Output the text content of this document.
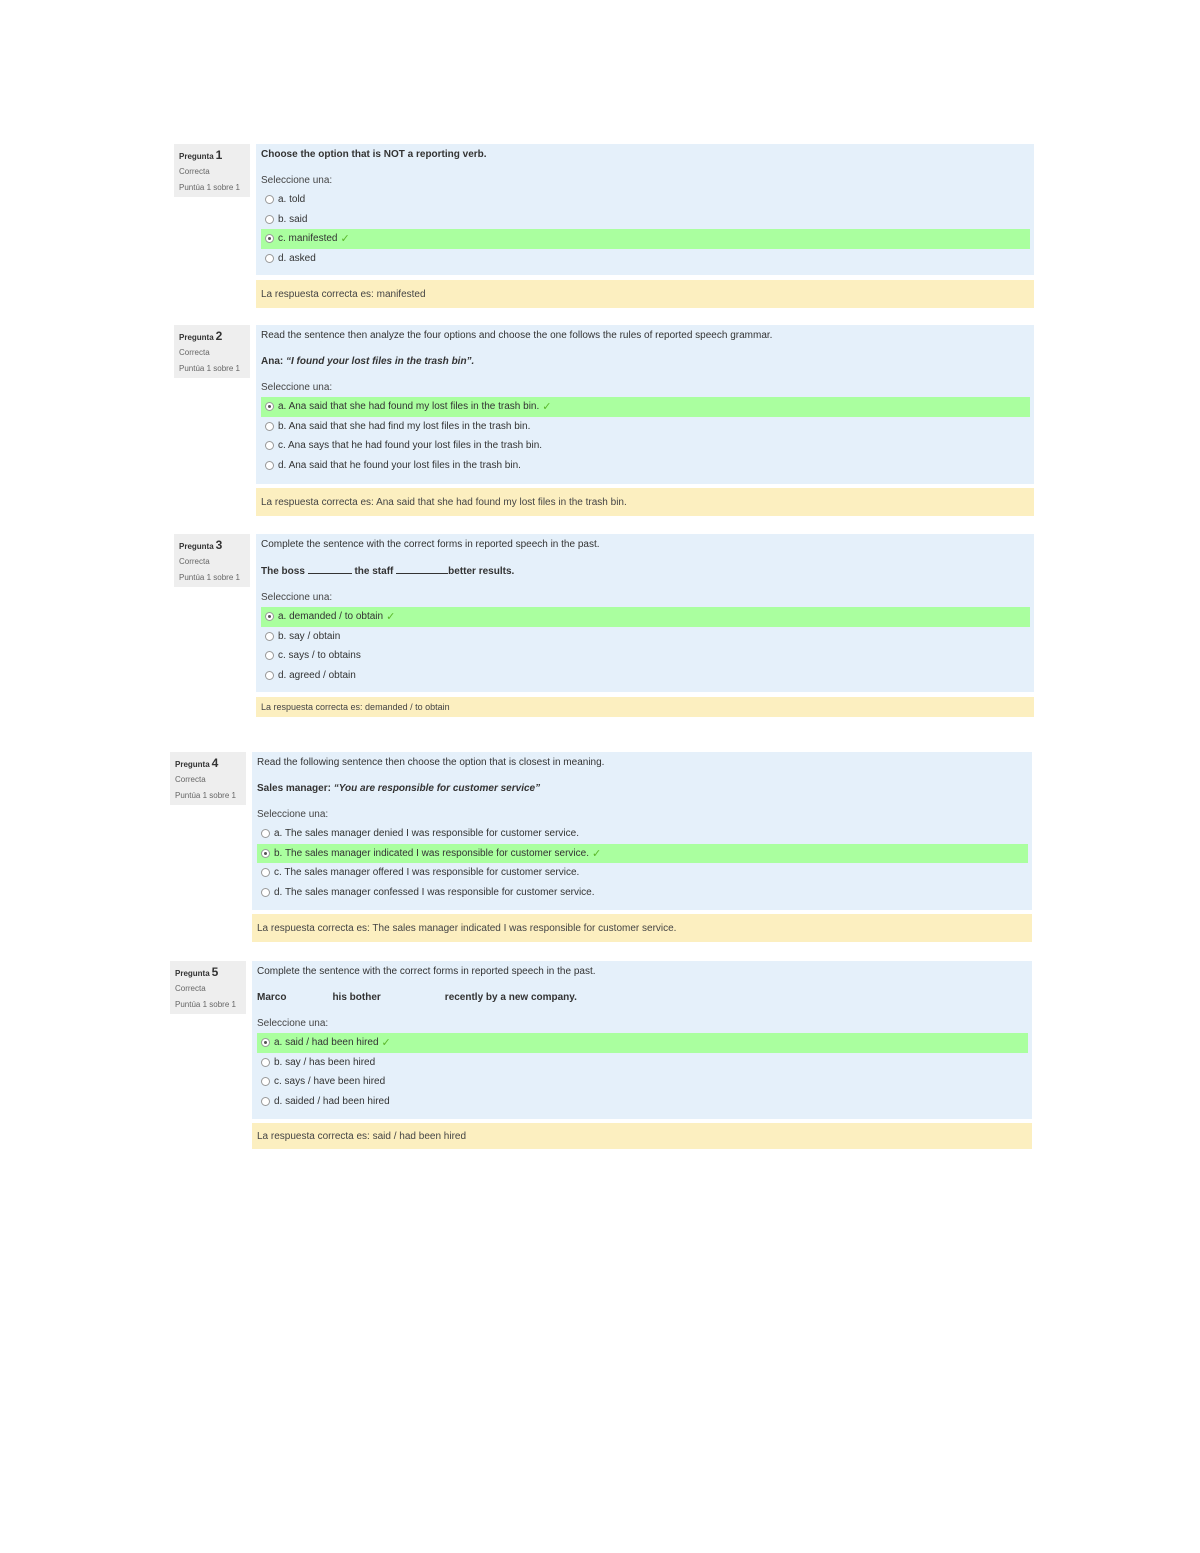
Pregunta 1
Correcta
Puntúa 1 sobre 1
Choose the option that is NOT a reporting verb.
Seleccione una:
a. told
b. said
c. manifested ✓
d. asked
La respuesta correcta es: manifested
Pregunta 2
Correcta
Puntúa 1 sobre 1
Read the sentence then analyze the four options and choose the one follows the rules of reported speech grammar.
Ana: “I found your lost files in the trash bin”.
Seleccione una:
a. Ana said that she had found my lost files in the trash bin. ✓
b. Ana said that she had find my lost files in the trash bin.
c. Ana says that he had found your lost files in the trash bin.
d. Ana said that he found your lost files in the trash bin.
La respuesta correcta es: Ana said that she had found my lost files in the trash bin.
Pregunta 3
Correcta
Puntúa 1 sobre 1
Complete the sentence with the correct forms in reported speech in the past.
The boss	the staff	better results.
Seleccione una:
a. demanded / to obtain ✓
b. say / obtain
c. says / to obtains
d. agreed / obtain
La respuesta correcta es: demanded / to obtain
Pregunta 4
Correcta
Puntúa 1 sobre 1
Read the following sentence then choose the option that is closest in meaning.
Sales manager: “You are responsible for customer service”
Seleccione una:
a. The sales manager denied I was responsible for customer service.
b. The sales manager indicated I was responsible for customer service. ✓
c. The sales manager offered I was responsible for customer service.
d. The sales manager confessed I was responsible for customer service.
La respuesta correcta es: The sales manager indicated I was responsible for customer service.
Pregunta 5
Correcta
Puntúa 1 sobre 1
Complete the sentence with the correct forms in reported speech in the past.
Marco	his bother	recently by a new company.
Seleccione una:
a. said / had been hired ✓
b. say / has been hired
c. says / have been hired
d. saided / had been hired
La respuesta correcta es: said / had been hired
